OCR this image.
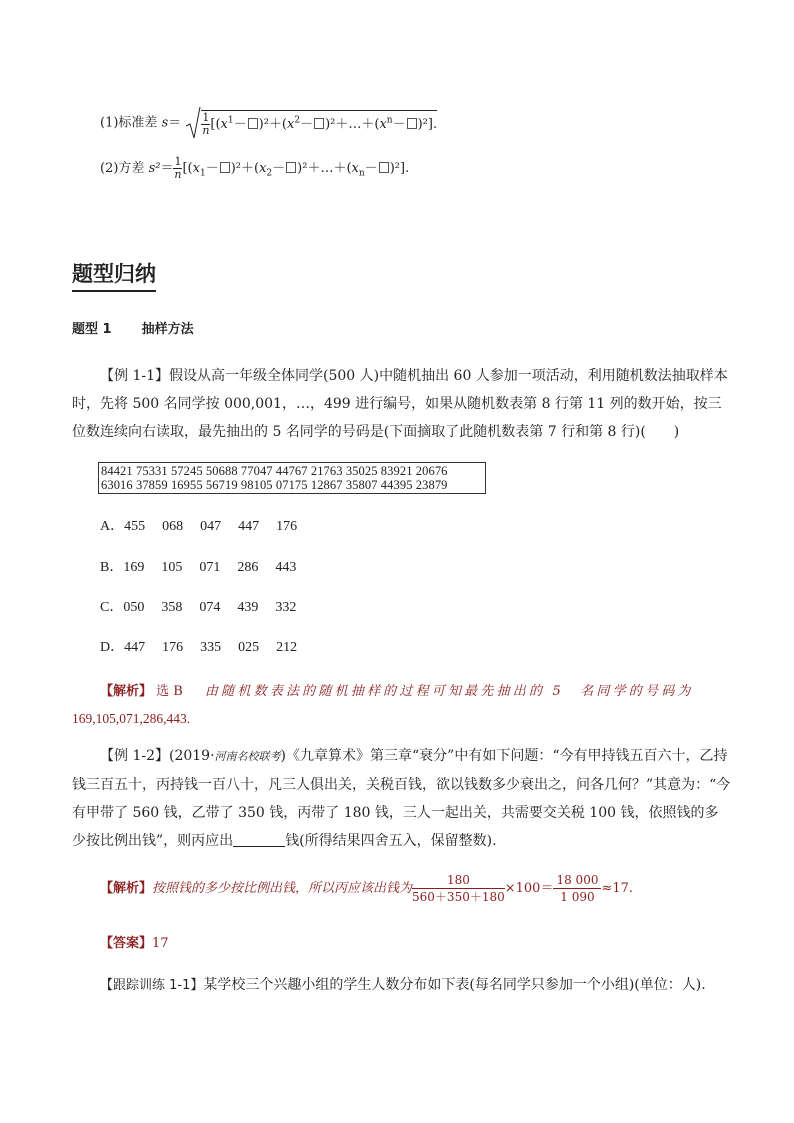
(1)标准差 $s= \frac{1}{n} [(x^1- )^2+(x^2-$ )$^2+\dots+(x^n- )^2$].
(2)方差 $s^2= \frac{1}{n} [(x_1- )^2+(x_2-$ )$^2+\dots+(x_n- )^2$].
题型归纳
题型 1 抽样方法
【例 1-1】假设从高一年级全体同学(500 人)中随机抽出 60 人参加一项活动，利用随机数法抽取样本时，先将 500 名同学按 000,001，…，499 进行编号，如果从随机数表第 8 行第 11 列的数开始，按三位数连续向右读取，最先抽出的 5 名同学的号码是(下面摘取了此随机数表第 7 行和第 8 行)(　　)
84421 75331 57245 50688 77047 44767 21763 35025 83921 20676
63016 37859 16955 56719 98105 07175 12867 35807 44395 23879
A．455 068 047 447 176
B．169 105 071 286 443
C．050 358 074 439 332
D．447 176 335 025 212
【解析】 选 B 由随机数表法的随机抽样的过程可知最先抽出的 5　名同学的号码为
169,105,071,286,443.
【例 1-2】(2019·河南名校联考)《九章算术》第三章“衰分”中有如下问题：“今有甲持钱五百六十，乙持钱三百五十，丙持钱一百八十，凡三人俱出关，关税百钱，欲以钱数多少衰出之，问各几何？”其意为：“今有甲带了 560 钱，乙带了 350 钱，丙带了 180 钱，三人一起出关，共需要交关税 100 钱，依照钱的多少按比例出钱”，则丙应出	钱(所得结果四舍五入，保留整数).
【解析】按照钱的多少按比例出钱，所以丙应该出钱为 $\frac{180}{560+350+180} \times 100= \frac{18 000}{1 090} \approx 17$.
【答案】17
【跟踪训练 1-1】某学校三个兴趣小组的学生人数分布如下表(每名同学只参加一个小组)(单位：人).
